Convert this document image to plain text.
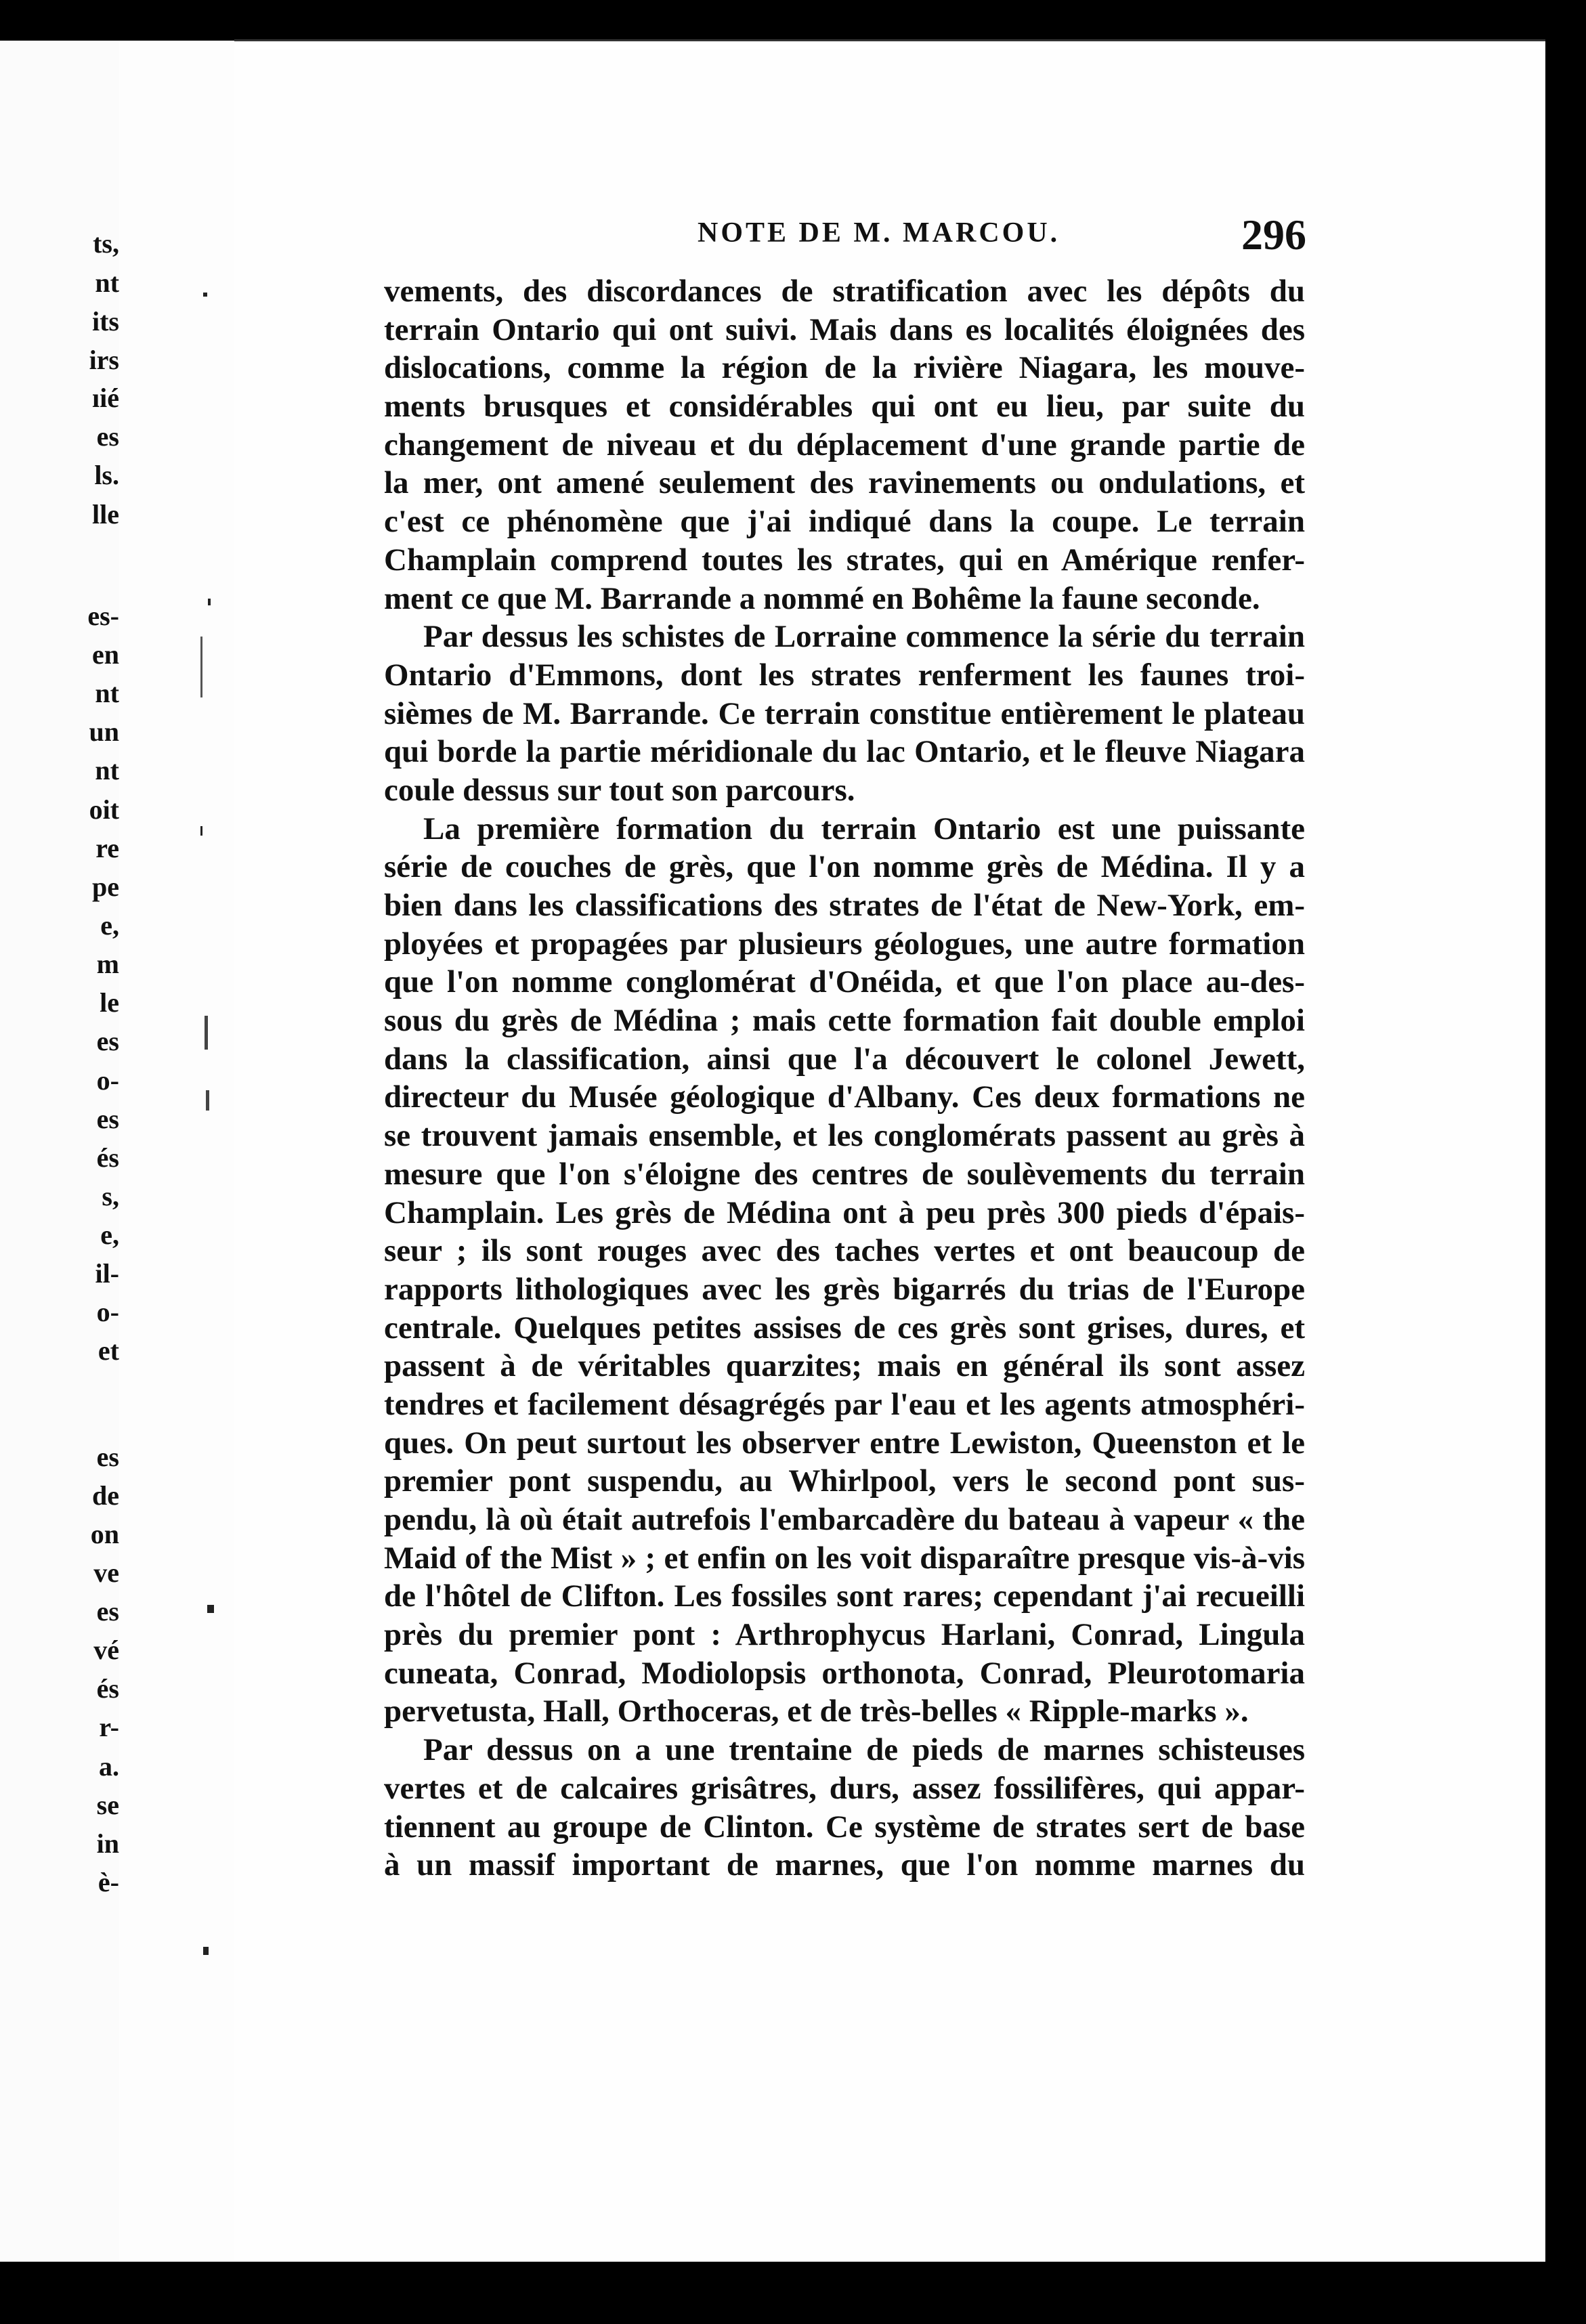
ts,
nt
its
irs
ıié
es
ls.
lle
es-
en
nt
un
nt
oit
re
pe
e,
m
le
es
o-
es
és
s,
e,
il-
o-
et
es
de
on
ve
es
vé
és
r-
a.
se
in
è-
NOTE DE M. MARCOU.	296
vements, des discordances de stratification avec les dépôts du
terrain Ontario qui ont suivi. Mais dans es localités éloignées des
dislocations, comme la région de la rivière Niagara, les mouve-
ments brusques et considérables qui ont eu lieu, par suite du
changement de niveau et du déplacement d'une grande partie de
la mer, ont amené seulement des ravinements ou ondulations, et
c'est ce phénomène que j'ai indiqué dans la coupe. Le terrain
Champlain comprend toutes les strates, qui en Amérique renfer-
ment ce que M. Barrande a nommé en Bohême la faune seconde.
Par dessus les schistes de Lorraine commence la série du terrain
Ontario d'Emmons, dont les strates renferment les faunes troi-
sièmes de M. Barrande. Ce terrain constitue entièrement le plateau
qui borde la partie méridionale du lac Ontario, et le fleuve Niagara
coule dessus sur tout son parcours.
La première formation du terrain Ontario est une puissante
série de couches de grès, que l'on nomme grès de Médina. Il y a
bien dans les classifications des strates de l'état de New-York, em-
ployées et propagées par plusieurs géologues, une autre formation
que l'on nomme conglomérat d'Onéida, et que l'on place au-des-
sous du grès de Médina ; mais cette formation fait double emploi
dans la classification, ainsi que l'a découvert le colonel Jewett,
directeur du Musée géologique d'Albany. Ces deux formations ne
se trouvent jamais ensemble, et les conglomérats passent au grès à
mesure que l'on s'éloigne des centres de soulèvements du terrain
Champlain. Les grès de Médina ont à peu près 300 pieds d'épais-
seur ; ils sont rouges avec des taches vertes et ont beaucoup de
rapports lithologiques avec les grès bigarrés du trias de l'Europe
centrale. Quelques petites assises de ces grès sont grises, dures, et
passent à de véritables quarzites; mais en général ils sont assez
tendres et facilement désagrégés par l'eau et les agents atmosphéri-
ques. On peut surtout les observer entre Lewiston, Queenston et le
premier pont suspendu, au Whirlpool, vers le second pont sus-
pendu, là où était autrefois l'embarcadère du bateau à vapeur « the
Maid of the Mist » ; et enfin on les voit disparaître presque vis-à-vis
de l'hôtel de Clifton. Les fossiles sont rares; cependant j'ai recueilli
près du premier pont : Arthrophycus Harlani, Conrad, Lingula
cuneata, Conrad, Modiolopsis orthonota, Conrad, Pleurotomaria
pervetusta, Hall, Orthoceras, et de très-belles « Ripple-marks ».
Par dessus on a une trentaine de pieds de marnes schisteuses
vertes et de calcaires grisâtres, durs, assez fossilifères, qui appar-
tiennent au groupe de Clinton. Ce système de strates sert de base
à un massif important de marnes, que l'on nomme marnes du
